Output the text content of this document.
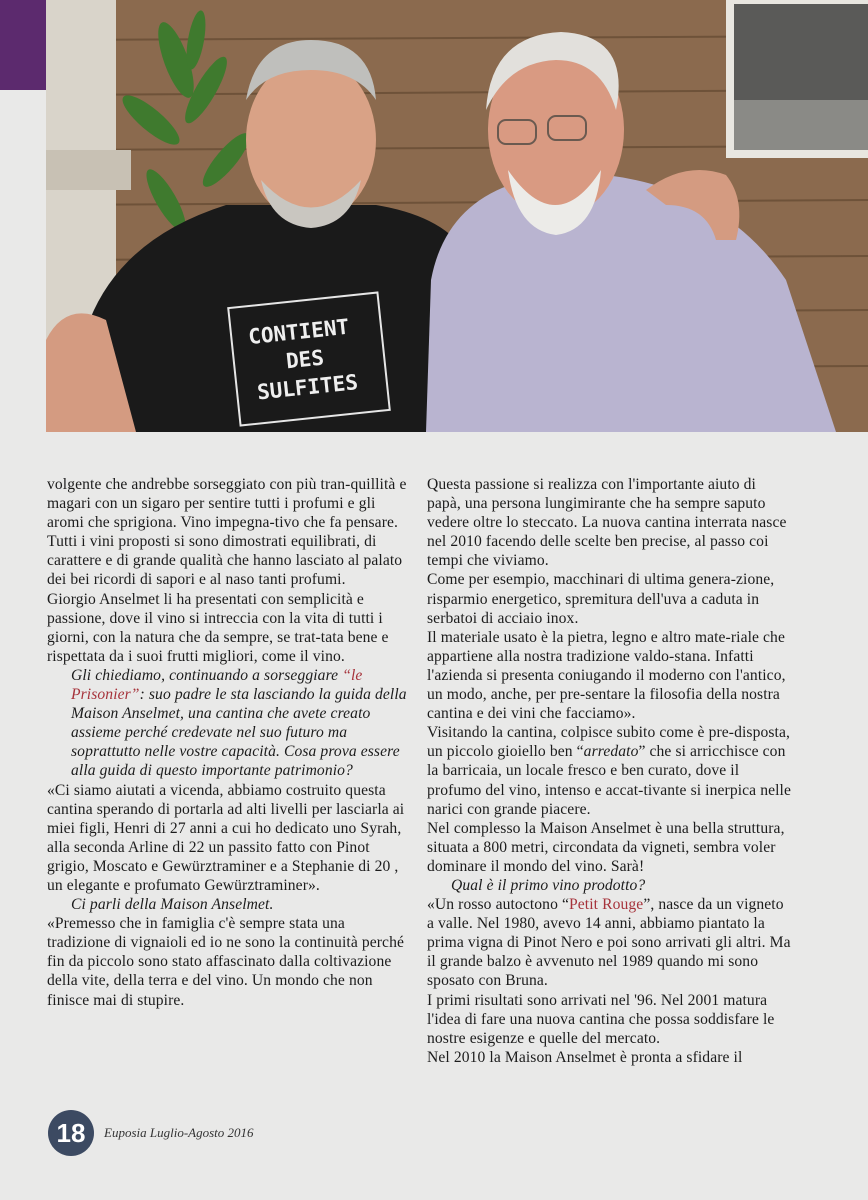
CONTIENT
DES
SULFITES

volgente che andrebbe sorseggiato con più tran-quillità e magari con un sigaro per sentire tutti i profumi e gli aromi che sprigiona. Vino impegna-tivo che fa pensare.

Tutti i vini proposti si sono dimostrati equilibrati, di carattere e di grande qualità che hanno lasciato al palato dei bei ricordi di sapori e al naso tanti profumi.

Giorgio Anselmet li ha presentati con semplicità e passione, dove il vino si intreccia con la vita di tutti i giorni, con la natura che da sempre, se trat-tata bene e rispettata da i suoi frutti migliori, come il vino.

Gli chiediamo, continuando a sorseggiare “le Prisonier”: suo padre le sta lasciando la guida della Maison Anselmet, una cantina che avete creato assieme perché credevate nel suo futuro ma soprattutto nelle vostre capacità. Cosa prova essere alla guida di questo importante patrimonio?

«Ci siamo aiutati a vicenda, abbiamo costruito questa cantina sperando di portarla ad alti livelli per lasciarla ai miei figli, Henri di 27 anni a cui ho dedicato uno Syrah, alla seconda Arline di 22 un passito fatto con Pinot grigio, Moscato e Gewürztraminer e a Stephanie di 20 , un elegante e profumato Gewürztraminer».

Ci parli della Maison Anselmet.

«Premesso che in famiglia c'è sempre stata una tradizione di vignaioli ed io ne sono la continuità perché fin da piccolo sono stato affascinato dalla coltivazione della vite, della terra e del vino. Un mondo che non finisce mai di stupire.

Questa passione si realizza con l'importante aiuto di papà, una persona lungimirante che ha sempre saputo vedere oltre lo steccato. La nuova cantina interrata nasce nel 2010 facendo delle scelte ben precise, al passo coi tempi che viviamo.

Come per esempio, macchinari di ultima genera-zione, risparmio energetico, spremitura dell'uva a caduta in serbatoi di acciaio inox.

Il materiale usato è la pietra, legno e altro mate-riale che appartiene alla nostra tradizione valdo-stana. Infatti l'azienda si presenta coniugando il moderno con l'antico, un modo, anche, per pre-sentare la filosofia della nostra cantina e dei vini che facciamo».

Visitando la cantina, colpisce subito come è pre-disposta, un piccolo gioiello ben “arredato” che si arricchisce con la barricaia, un locale fresco e ben curato, dove il profumo del vino, intenso e accat-tivante si inerpica nelle narici con grande piacere.

Nel complesso la Maison Anselmet è una bella struttura, situata a 800 metri, circondata da vigneti, sembra voler dominare il mondo del vino. Sarà!

Qual è il primo vino prodotto?

«Un rosso autoctono “Petit Rouge”, nasce da un vigneto a valle. Nel 1980, avevo 14 anni, abbiamo piantato la prima vigna di Pinot Nero e poi sono arrivati gli altri. Ma il grande balzo è avvenuto nel 1989 quando mi sono sposato con Bruna.

I primi risultati sono arrivati nel '96. Nel 2001 matura l'idea di fare una nuova cantina che possa soddisfare le nostre esigenze e quelle del mercato.

Nel 2010 la Maison Anselmet è pronta a sfidare il

18	Euposia Luglio-Agosto 2016
